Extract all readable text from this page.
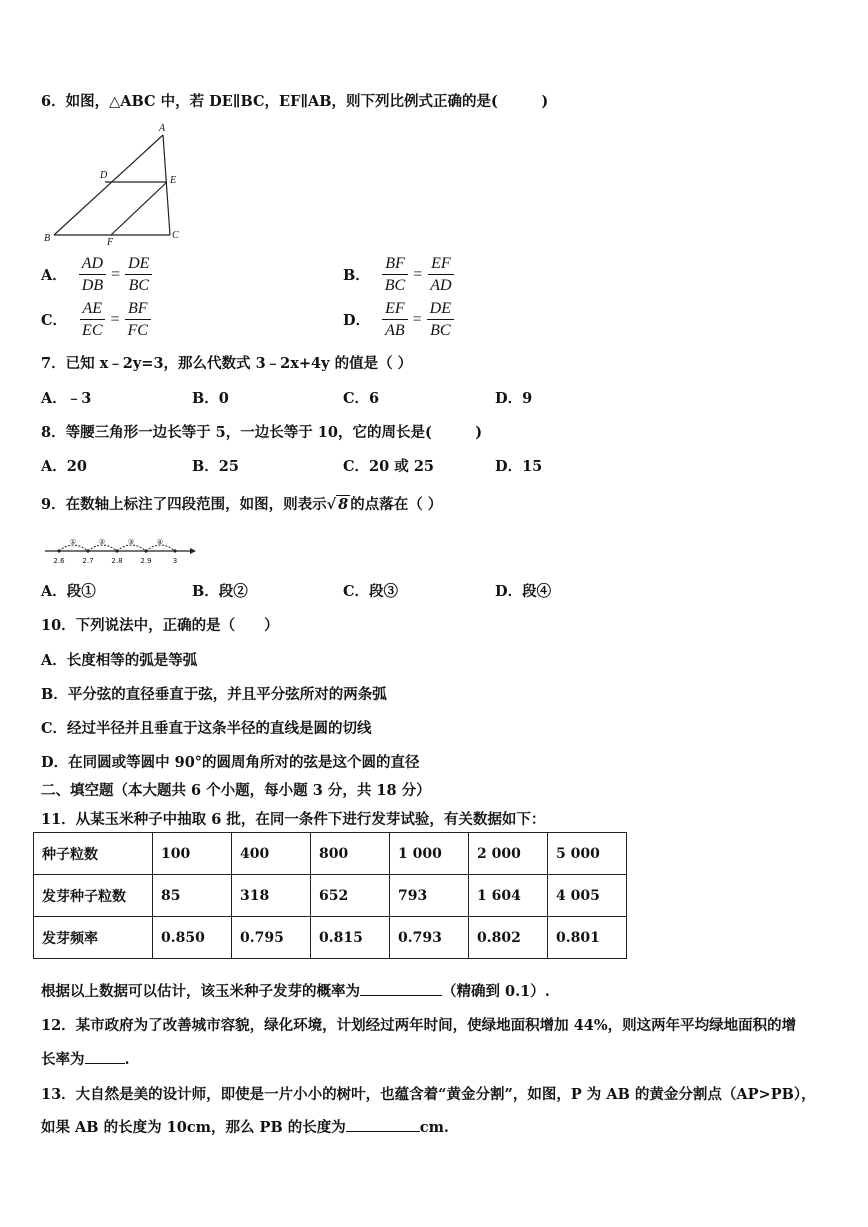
6．如图，△ABC 中，若 DE∥BC，EF∥AB，则下列比例式正确的是(　　　)
A
B	C
D	E
F
A． $\frac{AD}{DB} = \frac{DE}{BC}$	B． $\frac{BF}{BC} = \frac{EF}{AD}$
C． $\frac{AE}{EC} = \frac{BF}{FC}$	D． $\frac{EF}{AB} = \frac{DE}{BC}$
7．已知 x﹣2y=3，那么代数式 3﹣2x+4y 的值是（ ）
A．﹣3	B．0	C．6	D．9
8．等腰三角形一边长等于 5，一边长等于 10，它的周长是(　　　)
A．20	B．25	C．20 或 25	D．15
9．在数轴上标注了四段范围，如图，则表示√ 8 的点落在（ ）
①	②	③	④
2.6	2.7	2.8	2.9	3
A．段①	B．段②	C．段③	D．段④
10．下列说法中，正确的是（　　）
A．长度相等的弧是等弧
B．平分弦的直径垂直于弦，并且平分弦所对的两条弧
C．经过半径并且垂直于这条半径的直线是圆的切线
D．在同圆或等圆中 90°的圆周角所对的弦是这个圆的直径
二、填空题（本大题共 6 个小题，每小题 3 分，共 18 分）
11．从某玉米种子中抽取 6 批，在同一条件下进行发芽试验，有关数据如下：
种子粒数	100	400	800	1 000	2 000	5 000
发芽种子粒数	85	318	652	793	1 604	4 005
发芽频率	0.850	0.795	0.815	0.793	0.802	0.801
根据以上数据可以估计，该玉米种子发芽的概率为	（精确到 0.1）.
12．某市政府为了改善城市容貌，绿化环境，计划经过两年时间，使绿地面积增加 44%，则这两年平均绿地面积的增
长率为	.
13．大自然是美的设计师，即使是一片小小的树叶，也蕴含着“黄金分割”，如图，P 为 AB 的黄金分割点（AP>PB），
如果 AB 的长度为 10cm，那么 PB 的长度为	cm.
